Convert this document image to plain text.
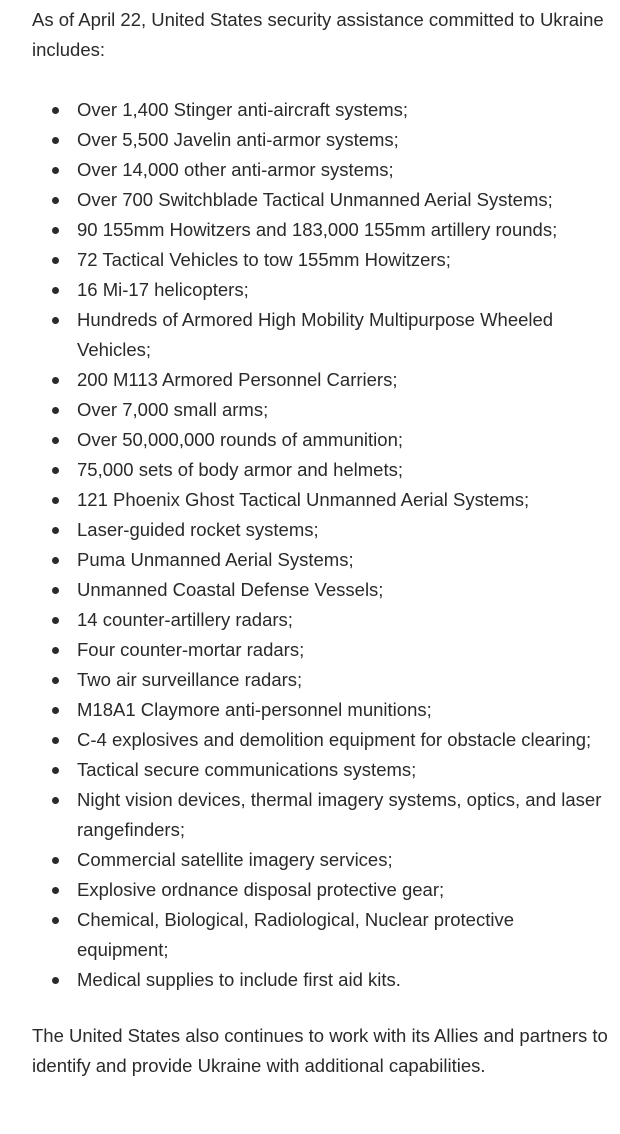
As of April 22, United States security assistance committed to Ukraine includes:

Over 1,400 Stinger anti-aircraft systems;
Over 5,500 Javelin anti-armor systems;
Over 14,000 other anti-armor systems;
Over 700 Switchblade Tactical Unmanned Aerial Systems;
90 155mm Howitzers and 183,000 155mm artillery rounds;
72 Tactical Vehicles to tow 155mm Howitzers;
16 Mi-17 helicopters;
Hundreds of Armored High Mobility Multipurpose Wheeled Vehicles;
200 M113 Armored Personnel Carriers;
Over 7,000 small arms;
Over 50,000,000 rounds of ammunition;
75,000 sets of body armor and helmets;
121 Phoenix Ghost Tactical Unmanned Aerial Systems;
Laser-guided rocket systems;
Puma Unmanned Aerial Systems;
Unmanned Coastal Defense Vessels;
14 counter-artillery radars;
Four counter-mortar radars;
Two air surveillance radars;
M18A1 Claymore anti-personnel munitions;
C-4 explosives and demolition equipment for obstacle clearing;
Tactical secure communications systems;
Night vision devices, thermal imagery systems, optics, and laser rangefinders;
Commercial satellite imagery services;
Explosive ordnance disposal protective gear;
Chemical, Biological, Radiological, Nuclear protective equipment;
Medical supplies to include first aid kits.

The United States also continues to work with its Allies and partners to identify and provide Ukraine with additional capabilities.
